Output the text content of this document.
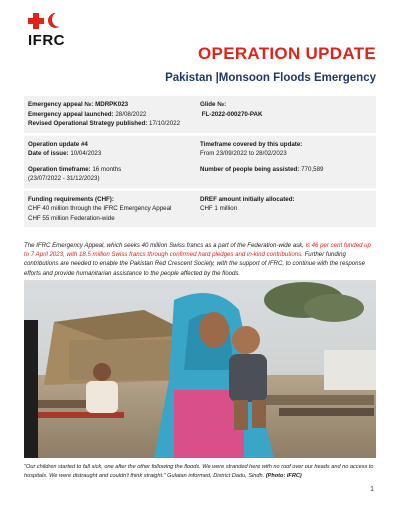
IFRC
OPERATION UPDATE
Pakistan |Monsoon Floods Emergency
Emergency appeal №: MDRPK023
Emergency appeal launched: 28/08/2022
Revised Operational Strategy published: 17/10/2022
Glide №:
FL-2022-000270-PAK
Operation update #4
Date of issue: 10/04/2023
Operation timeframe: 16 months
(23/07/2022 - 31/12/2023)
Timeframe covered by this update:
From 23/09/2022 to 28/02/2023
Number of people being assisted: 770,589
Funding requirements (CHF):
CHF 40 million through the IFRC Emergency Appeal
CHF 55 million Federation-wide
DREF amount initially allocated:
CHF 1 million
The IFRC Emergency Appeal, which seeks 40 million Swiss francs as a part of the Federation-wide ask, is 46 per cent funded up to 7 April 2023, with 18.5 million Swiss francs through confirmed hard pledges and in-kind contributions. Further funding contributions are needed to enable the Pakistan Red Crescent Society, with the support of IFRC, to continue with the response efforts and provide humanitarian assistance to the people affected by the floods.
"Our children started to fall sick, one after the other following the floods. We were stranded here with no roof over our heads and no access to hospitals. We were distraught and couldn't think straight." Gulatan informed, District Dadu, Sindh. (Photo: IFRC)
1
